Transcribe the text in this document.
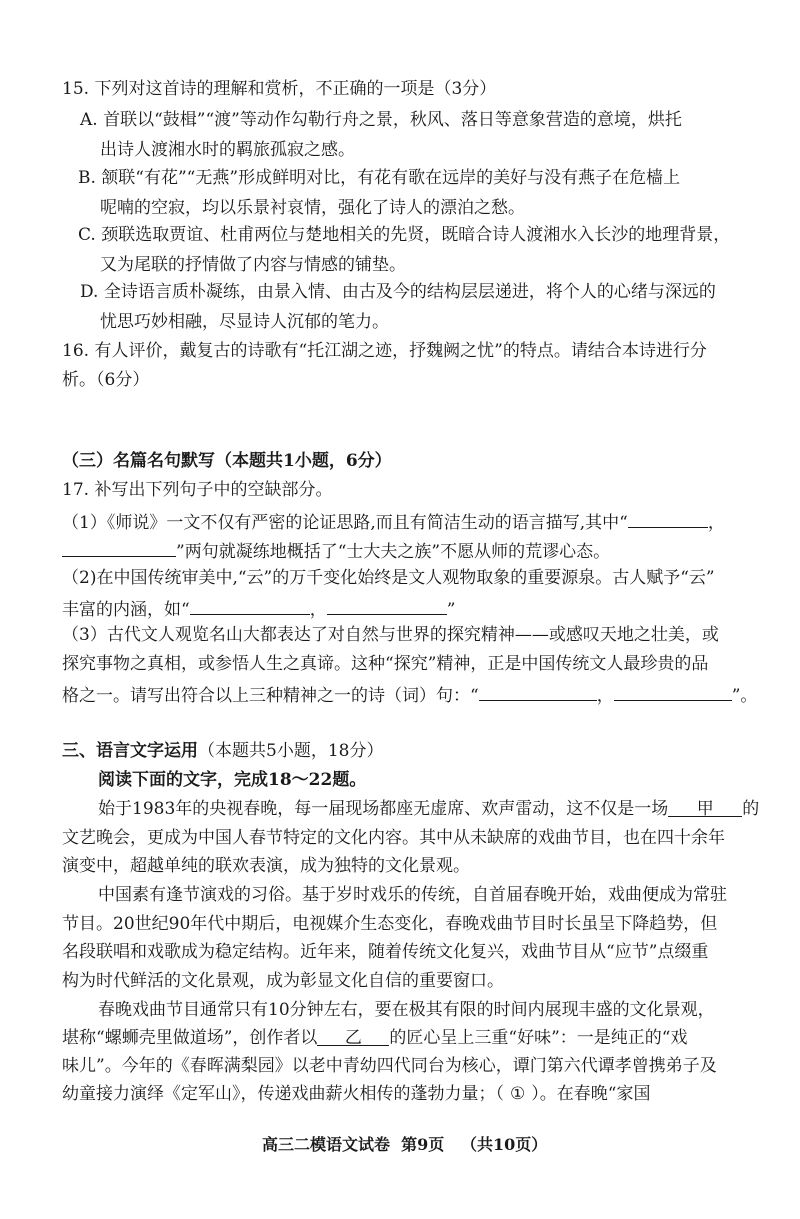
15. 下列对这首诗的理解和赏析，不正确的一项是（3分）
A. 首联以“鼓楫”“渡”等动作勾勒行舟之景，秋风、落日等意象营造的意境，烘托
出诗人渡湘水时的羁旅孤寂之感。
B. 颔联“有花”“无燕”形成鲜明对比，有花有歌在远岸的美好与没有燕子在危樯上
呢喃的空寂，均以乐景衬哀情，强化了诗人的漂泊之愁。
C. 颈联选取贾谊、杜甫两位与楚地相关的先贤，既暗合诗人渡湘水入长沙的地理背景，
又为尾联的抒情做了内容与情感的铺垫。
D. 全诗语言质朴凝练，由景入情、由古及今的结构层层递进，将个人的心绪与深远的
忧思巧妙相融，尽显诗人沉郁的笔力。
16. 有人评价，戴复古的诗歌有“托江湖之迹，抒魏阙之忧”的特点。请结合本诗进行分
析。（6分）
（三）名篇名句默写（本题共1小题，6分）
17. 补写出下列句子中的空缺部分。
（1）《师说》一文不仅有严密的论证思路,而且有简洁生动的语言描写,其中“	，
”两句就凝练地概括了“士大夫之族”不愿从师的荒谬心态。
（2)在中国传统审美中,“云”的万千变化始终是文人观物取象的重要源泉。古人赋予“云”
丰富的内涵，如“	，	”
（3）古代文人观览名山大都表达了对自然与世界的探究精神——或感叹天地之壮美，或
探究事物之真相，或参悟人生之真谛。这种“探究”精神，正是中国传统文人最珍贵的品
格之一。请写出符合以上三种精神之一的诗（词）句：“	，	”。
三、语言文字运用（本题共5小题，18分）
阅读下面的文字，完成18～22题。
始于1983年的央视春晚，每一届现场都座无虚席、欢声雷动，这不仅是一场 甲 的
文艺晚会，更成为中国人春节特定的文化内容。其中从未缺席的戏曲节目，也在四十余年
演变中，超越单纯的联欢表演，成为独特的文化景观。
中国素有逢节演戏的习俗。基于岁时戏乐的传统，自首届春晚开始，戏曲便成为常驻
节目。20世纪90年代中期后，电视媒介生态变化，春晚戏曲节目时长虽呈下降趋势，但
名段联唱和戏歌成为稳定结构。近年来，随着传统文化复兴，戏曲节目从“应节”点缀重
构为时代鲜活的文化景观，成为彰显文化自信的重要窗口。
春晚戏曲节目通常只有10分钟左右，要在极其有限的时间内展现丰盛的文化景观，
堪称“螺蛳壳里做道场”，创作者以 乙 的匠心呈上三重“好味”：一是纯正的“戏
味儿”。今年的《春晖满梨园》以老中青幼四代同台为核心，谭门第六代谭孝曾携弟子及
幼童接力演绎《定军山》，传递戏曲薪火相传的蓬勃力量；（ ① ）。在春晚“家国
高三二模语文试卷 第9页 （共10页）
